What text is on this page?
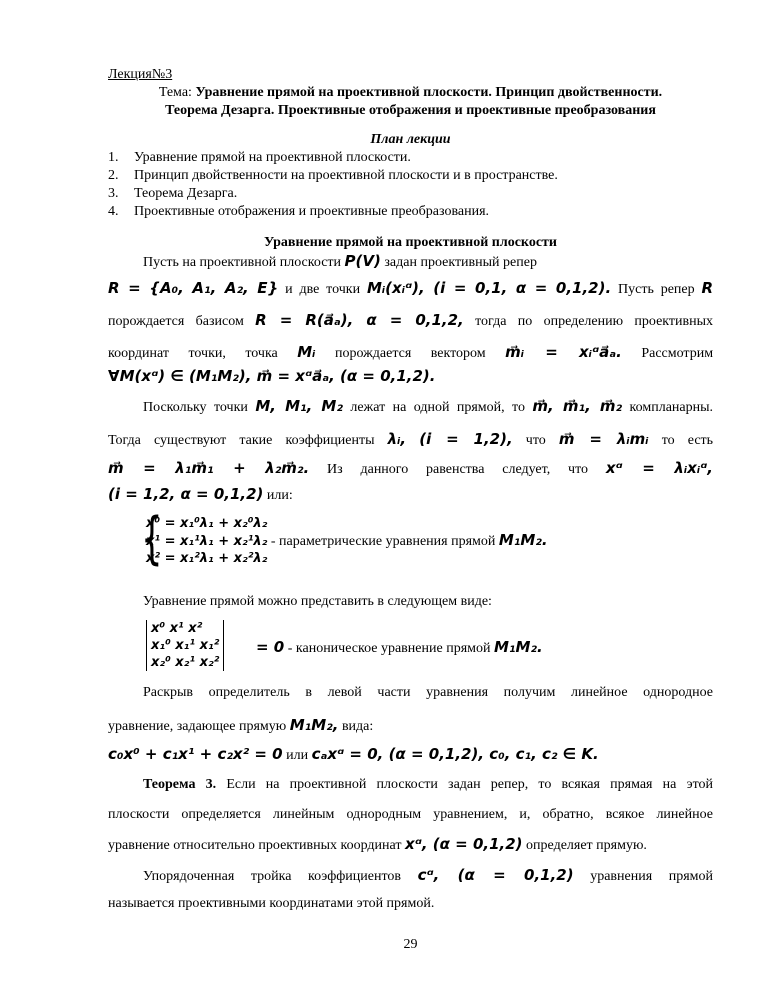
Лекция№3
Тема: Уравнение прямой на проективной плоскости. Принцип двойственности.
Теорема Дезарга. Проективные отображения и проективные преобразования
План лекции
1. Уравнение прямой на проективной плоскости.
2. Принцип двойственности на проективной плоскости и в пространстве.
3. Теорема Дезарга.
4. Проективные отображения и проективные преобразования.
Уравнение прямой на проективной плоскости
Пусть на проективной плоскости P(V) задан проективный репер
R = {A₀, A₁, A₂, E} и две точки Mᵢ(xᵢᵅ), (i = 0,1, α = 0,1,2). Пусть репер R
порождается базисом R = R(a⃗ₐ), α = 0,1,2, тогда по определению проективных
координат точки, точка Mᵢ порождается вектором m⃗ᵢ = xᵢᵅa⃗ₐ. Рассмотрим
∀M(xᵅ) ∈ (M₁M₂), m⃗ = xᵅa⃗ₐ, (α = 0,1,2).
Поскольку точки M, M₁, M₂ лежат на одной прямой, то m⃗, m⃗₁, m⃗₂ компланарны.
Тогда существуют такие коэффициенты λᵢ, (i = 1,2), что m⃗ = λᵢmᵢ то есть
m⃗ = λ₁m⃗₁ + λ₂m⃗₂. Из данного равенства следует, что xᵅ = λᵢxᵢᵅ,
(i = 1,2, α = 0,1,2) или:
{
x⁰ = x₁⁰λ₁ + x₂⁰λ₂
x¹ = x₁¹λ₁ + x₂¹λ₂ - параметрические уравнения прямой M₁M₂.
x² = x₁²λ₁ + x₂²λ₂
Уравнение прямой можно представить в следующем виде:
x⁰ x¹ x²
x₁⁰ x₁¹ x₁²
x₂⁰ x₂¹ x₂²
= 0 - каноническое уравнение прямой M₁M₂.
Раскрыв определитель в левой части уравнения получим линейное однородное
уравнение, задающее прямую M₁M₂, вида:
c₀x⁰ + c₁x¹ + c₂x² = 0 или cₐxᵅ = 0, (α = 0,1,2), c₀, c₁, c₂ ∈ K.
Теорема 3. Если на проективной плоскости задан репер, то всякая прямая на этой
плоскости определяется линейным однородным уравнением, и, обратно, всякое линейное
уравнение относительно проективных координат xᵅ, (α = 0,1,2) определяет прямую.
Упорядоченная тройка коэффициентов cᵅ, (α = 0,1,2) уравнения прямой
называется проективными координатами этой прямой.
29
